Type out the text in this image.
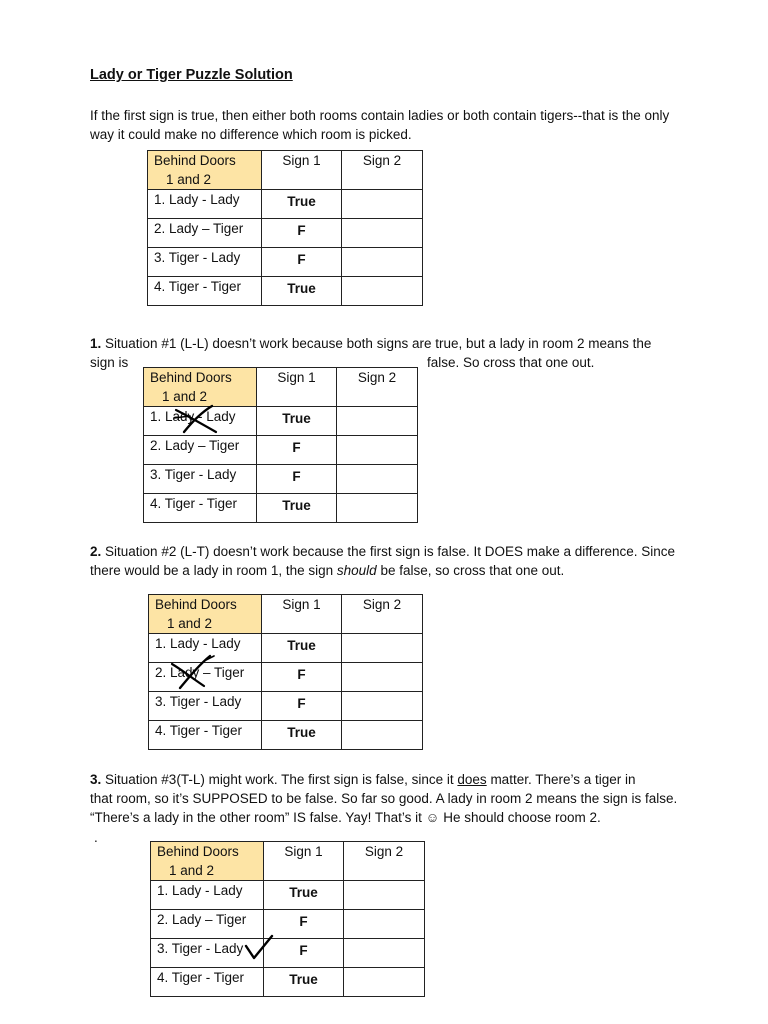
Lady or Tiger Puzzle Solution
If the first sign is true, then either both rooms contain ladies or both contain tigers--that is the only way it could make no difference which room is picked.
Behind Doors
1 and 2	Sign 1	Sign 2
1. Lady - Lady	True	
2. Lady – Tiger	F	
3. Tiger - Lady	F	
4. Tiger - Tiger	True	
1. Situation #1 (L-L) doesn’t work because both signs are true, but a lady in room 2 means the
sign is	false. So cross that one out.
Behind Doors
1 and 2	Sign 1	Sign 2
1. Lady - Lady	True	
2. Lady – Tiger	F	
3. Tiger - Lady	F	
4. Tiger - Tiger	True	
2. Situation #2 (L-T) doesn’t work because the first sign is false. It DOES make a difference. Since
there would be a lady in room 1, the sign should be false, so cross that one out.
Behind Doors
1 and 2	Sign 1	Sign 2
1. Lady - Lady	True	
2. Lady – Tiger	F	
3. Tiger - Lady	F	
4. Tiger - Tiger	True	
3. Situation #3(T-L) might work. The first sign is false, since it does matter. There’s a tiger in
that room, so it’s SUPPOSED to be false. So far so good. A lady in room 2 means the sign is false.
“There’s a lady in the other room” IS false. Yay! That’s it ☺ He should choose room 2.
.
Behind Doors
1 and 2	Sign 1	Sign 2
1. Lady - Lady	True	
2. Lady – Tiger	F	
3. Tiger - Lady	F	
4. Tiger - Tiger	True	
